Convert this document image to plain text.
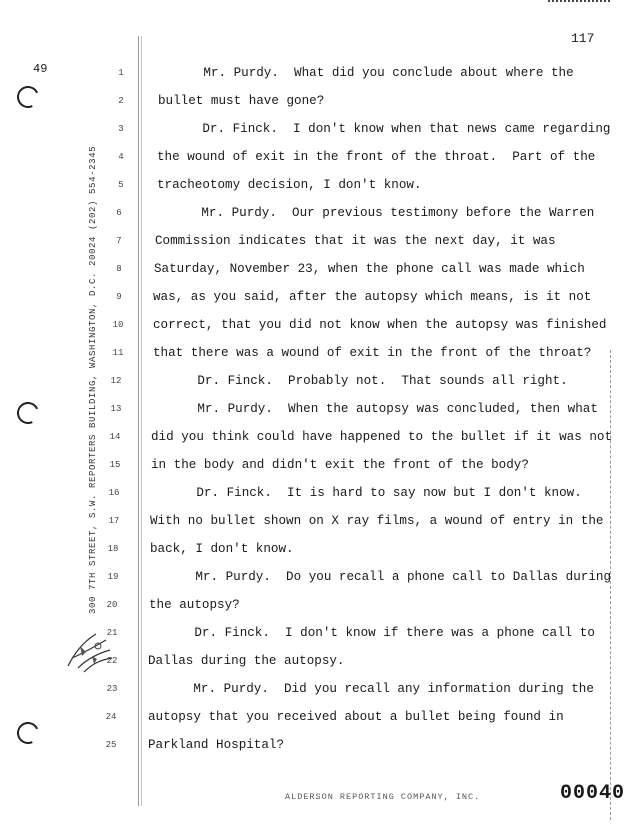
117
49
300 7TH STREET, S.W. REPORTERS BUILDING, WASHINGTON, D.C. 20024 (202) 554-2345
1	Mr. Purdy.  What did you conclude about where the
2	bullet must have gone?
3	Dr. Finck.  I don't know when that news came regarding
4	the wound of exit in the front of the throat.  Part of the
5	tracheotomy decision, I don't know.
6	Mr. Purdy.  Our previous testimony before the Warren
7	Commission indicates that it was the next day, it was
8	Saturday, November 23, when the phone call was made which
9	was, as you said, after the autopsy which means, is it not
10	correct, that you did not know when the autopsy was finished
11	that there was a wound of exit in the front of the throat?
12	Dr. Finck.  Probably not.  That sounds all right.
13	Mr. Purdy.  When the autopsy was concluded, then what
14	did you think could have happened to the bullet if it was not
15	in the body and didn't exit the front of the body?
16	Dr. Finck.  It is hard to say now but I don't know.
17	With no bullet shown on X ray films, a wound of entry in the
18	back, I don't know.
19	Mr. Purdy.  Do you recall a phone call to Dallas during
20	the autopsy?
21	Dr. Finck.  I don't know if there was a phone call to
22	Dallas during the autopsy.
23	Mr. Purdy.  Did you recall any information during the
24	autopsy that you received about a bullet being found in
25	Parkland Hospital?
ALDERSON REPORTING COMPANY, INC.	00040
